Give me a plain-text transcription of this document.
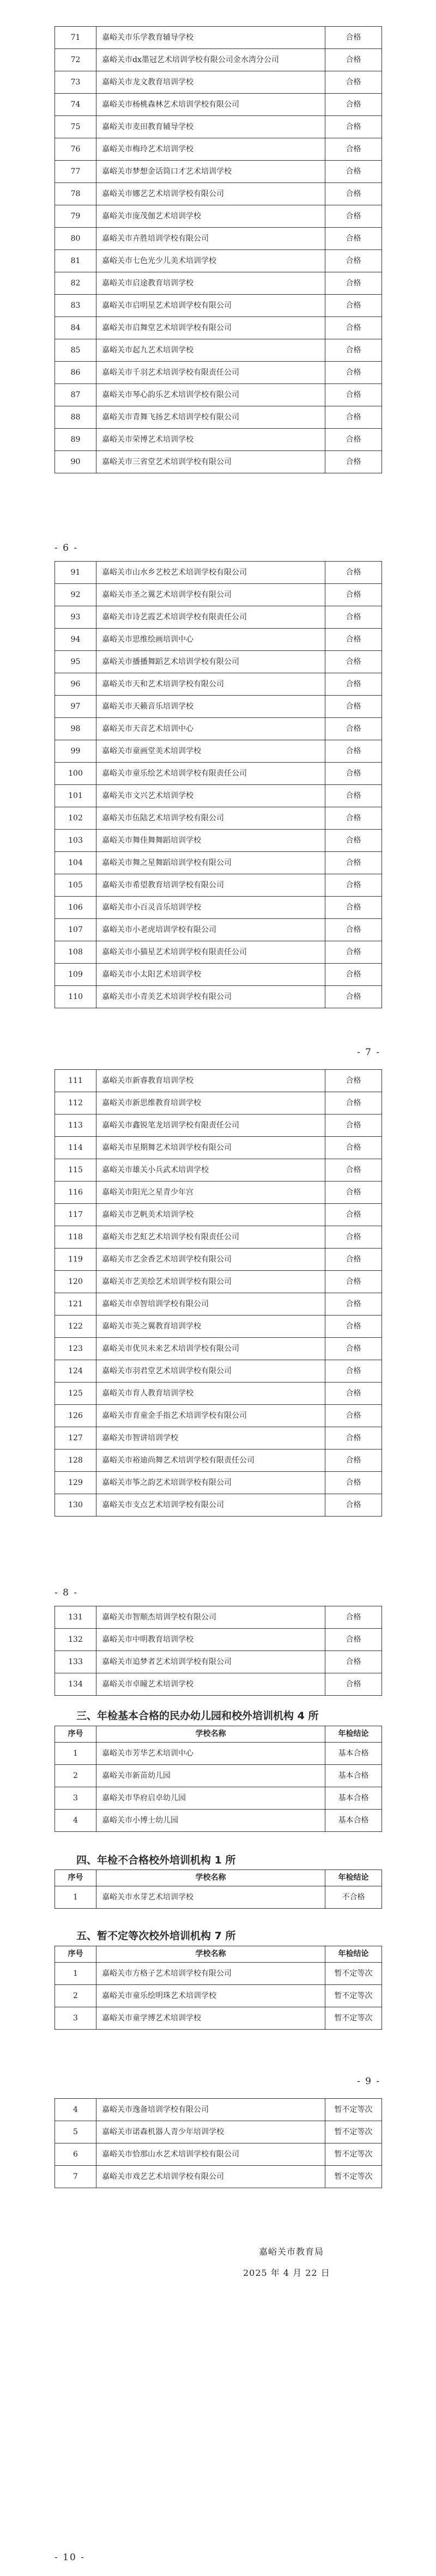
71	嘉峪关市乐学教育辅导学校	合格
72	嘉峪关市dx墨冠艺术培训学校有限公司金水湾分公司	合格
73	嘉峪关市龙文教育培训学校	合格
74	嘉峪关市杨桃森林艺术培训学校有限公司	合格
75	嘉峪关市麦田教育辅导学校	合格
76	嘉峪关市梅玲艺术培训学校	合格
77	嘉峪关市梦想金话筒口才艺术培训学校	合格
78	嘉峪关市娜艺艺术培训学校有限公司	合格
79	嘉峪关市庞茂伽艺术培训学校	合格
80	嘉峪关市卉胜培训学校有限公司	合格
81	嘉峪关市七色光少儿美术培训学校	合格
82	嘉峪关市启途教育培训学校	合格
83	嘉峪关市启明星艺术培训学校有限公司	合格
84	嘉峪关市启舞堂艺术培训学校有限公司	合格
85	嘉峪关市起九艺术培训学校	合格
86	嘉峪关市千羽艺术培训学校有限责任公司	合格
87	嘉峪关市琴心韵乐艺术培训学校有限公司	合格
88	嘉峪关市青舞飞扬艺术培训学校有限公司	合格
89	嘉峪关市荣博艺术培训学校	合格
90	嘉峪关市三省堂艺术培训学校有限公司	合格
- 6 -
91	嘉峪关市山水乡艺校艺术培训学校有限公司	合格
92	嘉峪关市圣之翼艺术培训学校有限公司	合格
93	嘉峪关市诗艺霞艺术培训学校有限责任公司	合格
94	嘉峪关市思维绘画培训中心	合格
95	嘉峪关市播播舞蹈艺术培训学校有限公司	合格
96	嘉峪关市天和艺术培训学校有限公司	合格
97	嘉峪关市天籁音乐培训学校	合格
98	嘉峪关市天音艺术培训中心	合格
99	嘉峪关市童画堂美术培训学校	合格
100	嘉峪关市童乐绘艺术培训学校有限责任公司	合格
101	嘉峪关市文兴艺术培训学校	合格
102	嘉峪关市伍陆艺术培训学校有限公司	合格
103	嘉峪关市舞佳舞舞蹈培训学校	合格
104	嘉峪关市舞之星舞蹈培训学校有限公司	合格
105	嘉峪关市希望教育培训学校有限公司	合格
106	嘉峪关市小百灵音乐培训学校	合格
107	嘉峪关市小老虎培训学校有限公司	合格
108	嘉峪关市小猫星艺术培训学校有限责任公司	合格
109	嘉峪关市小太阳艺术培训学校	合格
110	嘉峪关市小青美艺术培训学校有限公司	合格
- 7 -
111	嘉峪关市新睿教育培训学校	合格
112	嘉峪关市新思维教育培训学校	合格
113	嘉峪关市鑫锐笔龙培训学校有限责任公司	合格
114	嘉峪关市星期舞艺术培训学校有限公司	合格
115	嘉峪关市雄关小兵武术培训学校	合格
116	嘉峪关市阳光之星青少年宫	合格
117	嘉峪关市艺帆美术培训学校	合格
118	嘉峪关市艺虹艺术培训学校有限责任公司	合格
119	嘉峪关市艺金香艺术培训学校有限公司	合格
120	嘉峪关市艺美绘艺术培训学校有限公司	合格
121	嘉峪关市卓智培训学校有限公司	合格
122	嘉峪关市英之翼教育培训学校	合格
123	嘉峪关市优贝未来艺术培训学校有限公司	合格
124	嘉峪关市羽君堂艺术培训学校有限公司	合格
125	嘉峪关市育人教育培训学校	合格
126	嘉峪关市育童金手指艺术培训学校有限公司	合格
127	嘉峪关市智讲培训学校	合格
128	嘉峪关市裕迪尚舞艺术培训学校有限责任公司	合格
129	嘉峪关市筝之韵艺术培训学校有限公司	合格
130	嘉峪关市支点艺术培训学校有限公司	合格
- 8 -
131	嘉峪关市智顺杰培训学校有限公司	合格
132	嘉峪关市中明教育培训学校	合格
133	嘉峪关市追梦者艺术培训学校有限公司	合格
134	嘉峪关市卓瞳艺术培训学校	合格
三、年检基本合格的民办幼儿园和校外培训机构 4 所
序号	学校名称	年检结论
1	嘉峪关市芳华艺术培训中心	基本合格
2	嘉峪关市新苗幼儿园	基本合格
3	嘉峪关市华府启卓幼儿园	基本合格
4	嘉峪关市小博士幼儿园	基本合格
四、年检不合格校外培训机构 1 所
序号	学校名称	年检结论
1	嘉峪关市水芽艺术培训学校	不合格
五、暂不定等次校外培训机构 7 所
序号	学校名称	年检结论
1	嘉峪关市方格子艺术培训学校有限公司	暂不定等次
2	嘉峪关市童乐绘明珠艺术培训学校	暂不定等次
3	嘉峪关市童学博艺术培训学校	暂不定等次
- 9 -
4	嘉峪关市逸备培训学校有限公司	暂不定等次
5	嘉峪关市诺森机器人青少年培训学校	暂不定等次
6	嘉峪关市恰那山水艺术培训学校有限公司	暂不定等次
7	嘉峪关市戏艺艺术培训学校有限公司	暂不定等次
嘉峪关市教育局
2025 年 4 月 22 日
- 10 -
